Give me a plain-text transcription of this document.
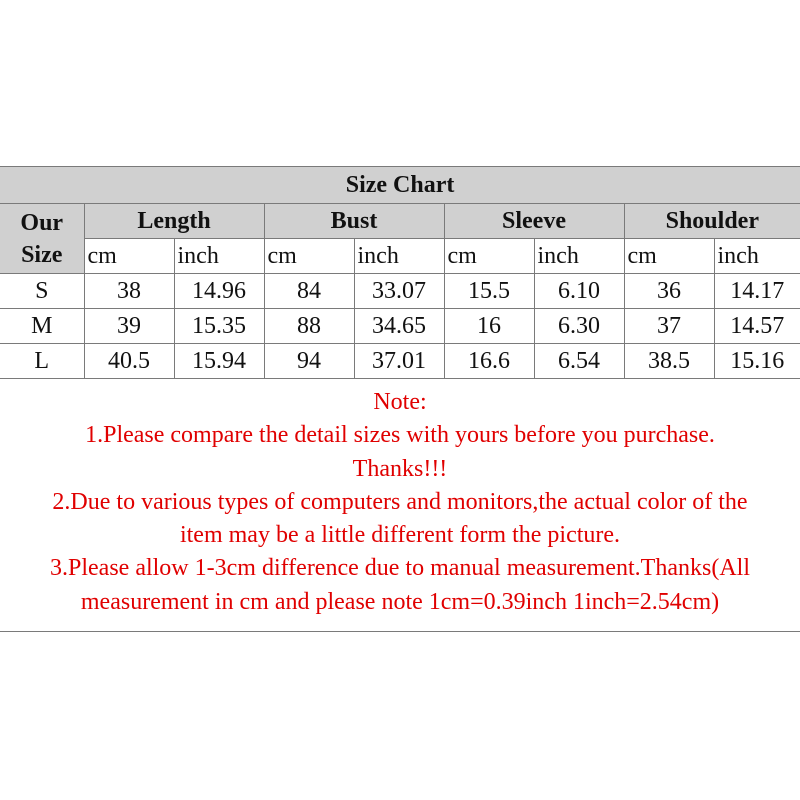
Size Chart								
Our
Size	Length		Bust		Sleeve		Shoulder	
	cm	inch	cm	inch	cm	inch	cm	inch
S	38	14.96	84	33.07	15.5	6.10	36	14.17
M	39	15.35	88	34.65	16	6.30	37	14.57
L	40.5	15.94	94	37.01	16.6	6.54	38.5	15.16
Note:
1.Please compare the detail sizes with yours before you purchase.
Thanks!!!
2.Due to various types of computers and monitors,the actual color of the
item may be a little different form the picture.
3.Please allow 1-3cm difference due to manual measurement.Thanks(All
measurement in cm and please note 1cm=0.39inch 1inch=2.54cm)
